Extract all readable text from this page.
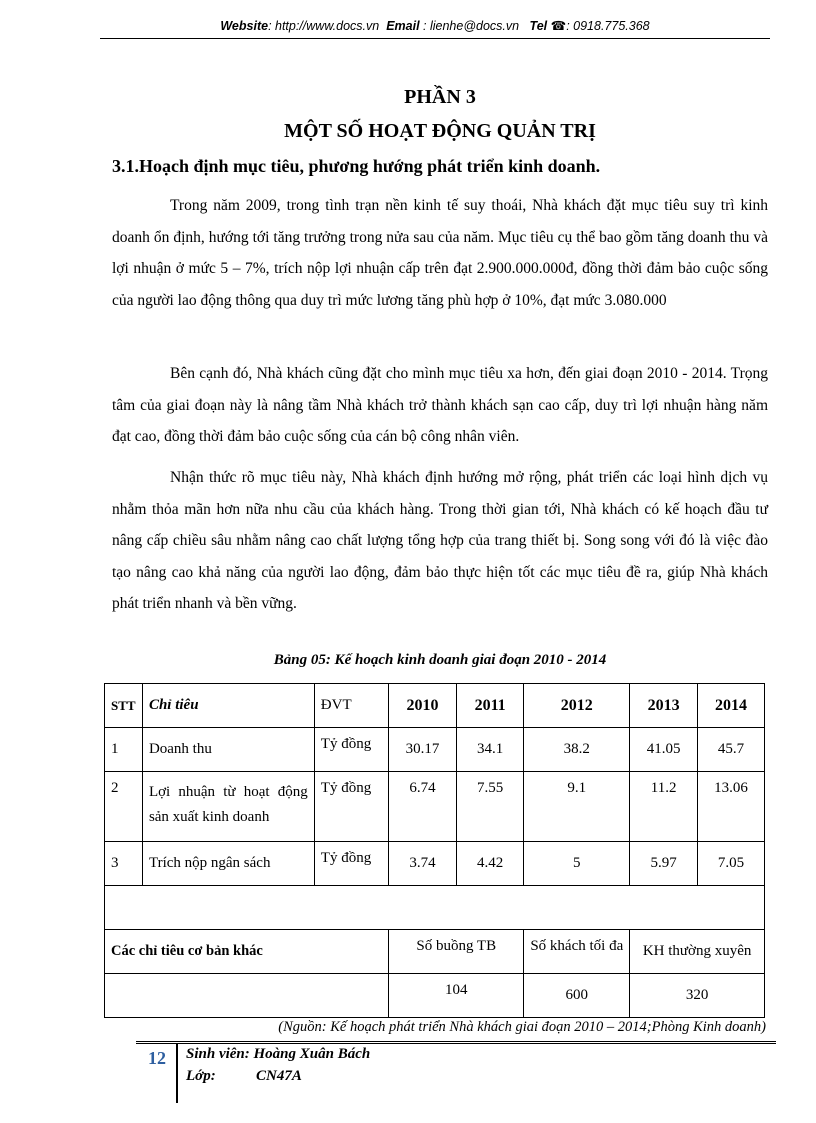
Website: http://www.docs.vn Email : lienhe@docs.vn Tel ☎: 0918.775.368
PHẦN 3
MỘT SỐ HOẠT ĐỘNG QUẢN TRỊ
3.1.Hoạch định mục tiêu, phương hướng phát triển kinh doanh.

Trong năm 2009, trong tình trạn nền kinh tế suy thoái, Nhà khách đặt mục tiêu suy trì kinh doanh ổn định, hướng tới tăng trưởng trong nửa sau của năm. Mục tiêu cụ thể bao gồm tăng doanh thu và lợi nhuận ở mức 5 – 7%, trích nộp lợi nhuận cấp trên đạt 2.900.000.000đ, đồng thời đảm bảo cuộc sống của người lao động thông qua duy trì mức lương tăng phù hợp ở 10%, đạt mức 3.080.000

Bên cạnh đó, Nhà khách cũng đặt cho mình mục tiêu xa hơn, đến giai đoạn 2010 - 2014. Trọng tâm của giai đoạn này là nâng tầm Nhà khách trở thành khách sạn cao cấp, duy trì lợi nhuận hàng năm đạt cao, đồng thời đảm bảo cuộc sống của cán bộ công nhân viên.

Nhận thức rõ mục tiêu này, Nhà khách định hướng mở rộng, phát triển các loại hình dịch vụ nhằm thỏa mãn hơn nữa nhu cầu của khách hàng. Trong thời gian tới, Nhà khách có kế hoạch đầu tư nâng cấp chiều sâu nhằm nâng cao chất lượng tổng hợp của trang thiết bị. Song song với đó là việc đào tạo nâng cao khả năng của người lao động, đảm bảo thực hiện tốt các mục tiêu đề ra, giúp Nhà khách phát triển nhanh và bền vững.

Bảng 05: Kế hoạch kinh doanh giai đoạn 2010 - 2014
STT	Chỉ tiêu	ĐVT	2010	2011	2012	2013	2014
1	Doanh thu	Tỷ đồng	30.17	34.1	38.2	41.05	45.7
2	Lợi nhuận từ hoạt động sản xuất kinh doanh	Tỷ đồng	6.74	7.55	9.1	11.2	13.06
3	Trích nộp ngân sách	Tỷ đồng	3.74	4.42	5	5.97	7.05

Các chỉ tiêu cơ bản khác			Số buồng TB		Số khách tối đa	KH thường xuyên	
			104		600	320	
(Nguồn: Kế hoạch phát triển Nhà khách giai đoạn 2010 – 2014;Phòng Kinh doanh)
12 Sinh viên: Hoàng Xuân Bách
Lớp:	CN47A
